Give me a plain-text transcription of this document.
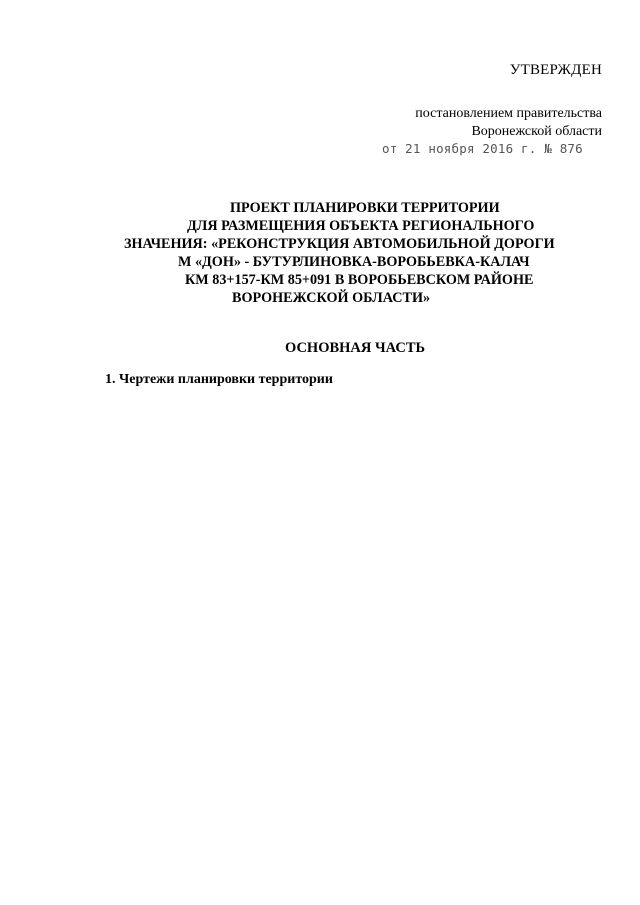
УТВЕРЖДЕН
постановлением правительства
Воронежской области
от 21 ноября 2016 г. № 876
ПРОЕКТ ПЛАНИРОВКИ ТЕРРИТОРИИ
ДЛЯ РАЗМЕЩЕНИЯ ОБЪЕКТА РЕГИОНАЛЬНОГО
ЗНАЧЕНИЯ: «РЕКОНСТРУКЦИЯ АВТОМОБИЛЬНОЙ ДОРОГИ
М «ДОН» - БУТУРЛИНОВКА-ВОРОБЬЕВКА-КАЛАЧ
КМ 83+157-КМ 85+091 В ВОРОБЬЕВСКОМ РАЙОНЕ
ВОРОНЕЖСКОЙ ОБЛАСТИ»
ОСНОВНАЯ ЧАСТЬ
1. Чертежи планировки территории
